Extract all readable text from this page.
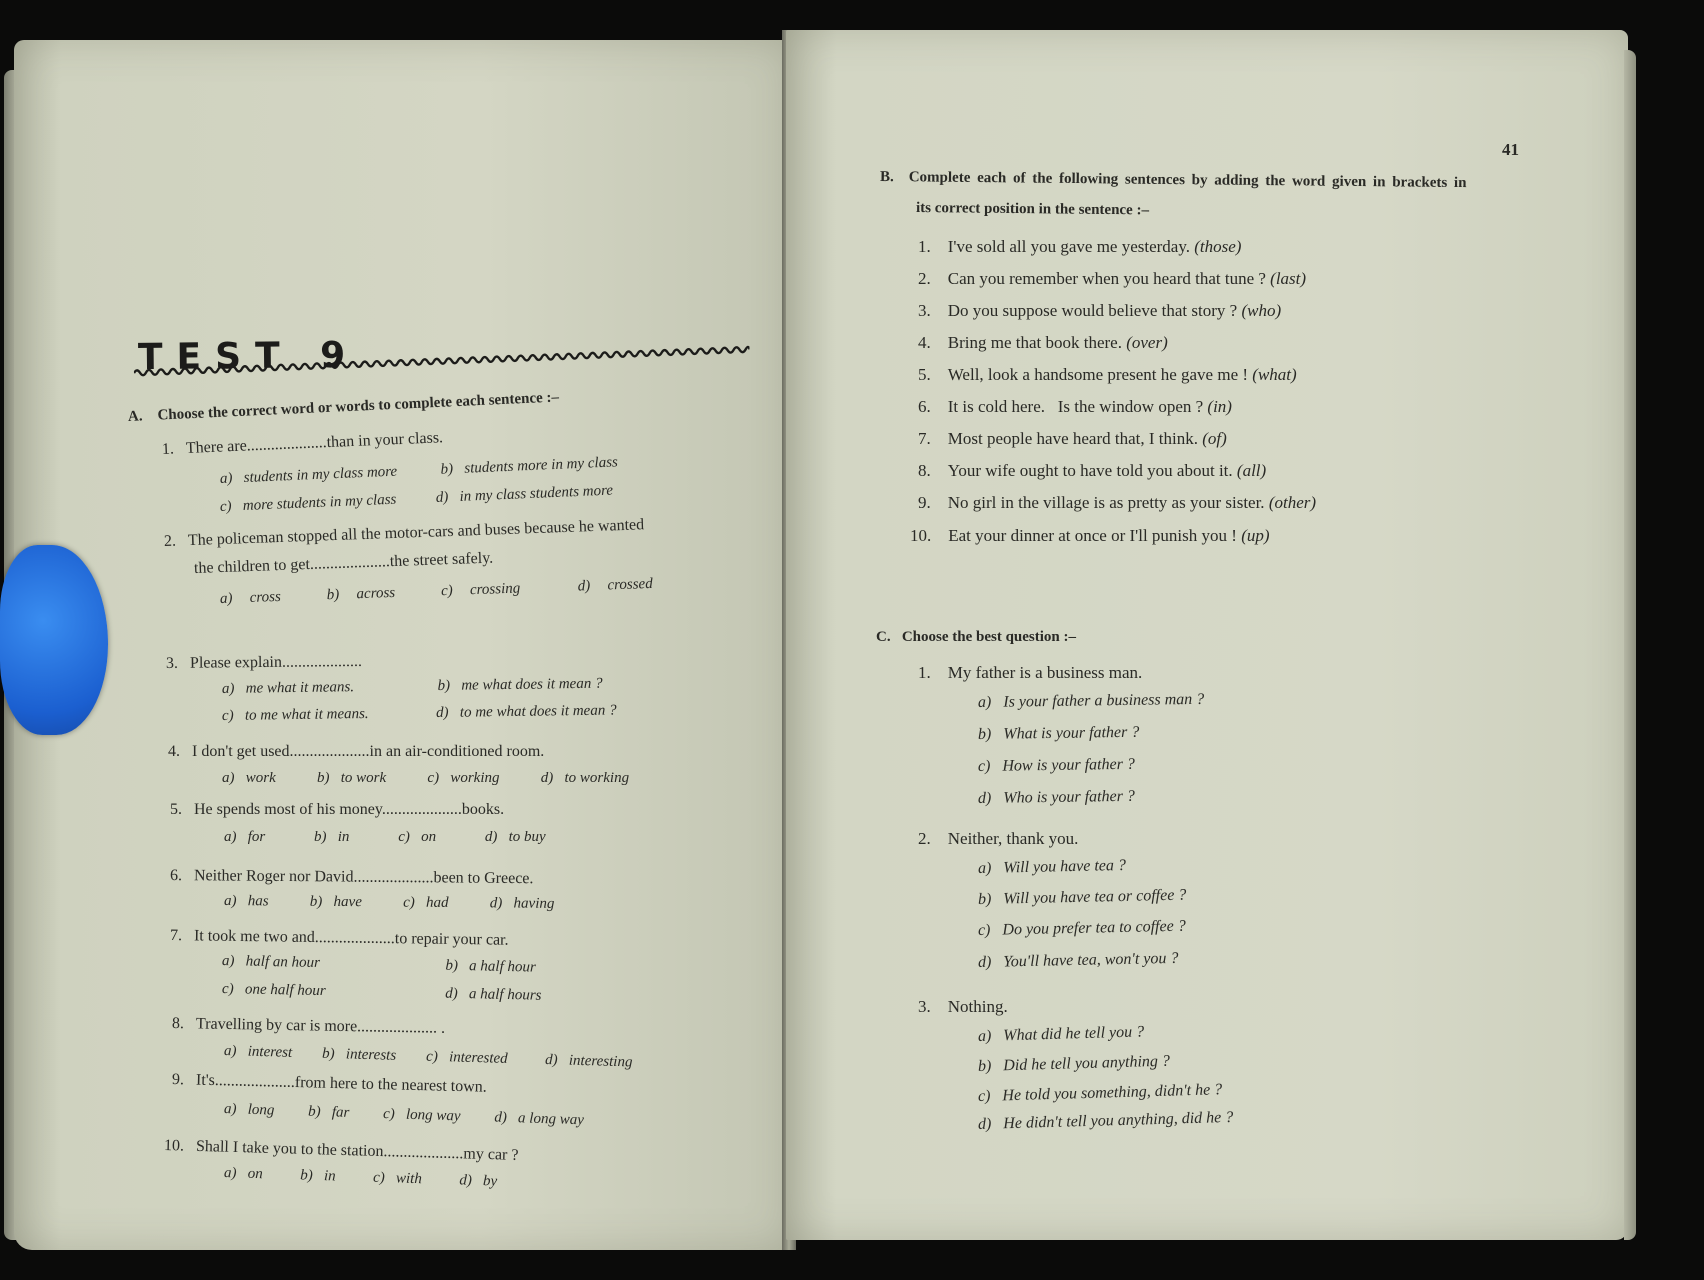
TEST 9
A. Choose the correct word or words to complete each sentence :–
1. There are....................than in your class.
a) students in my class more	b) students more in my class
c) more students in my class	d) in my class students more
2. The policeman stopped all the motor-cars and buses because he wanted
the children to get....................the street safely.
a) cross	b) across	c) crossing	d) crossed
3. Please explain....................
a) me what it means.	b) me what does it mean ?
c) to me what it means.	d) to me what does it mean ?
4. I don't get used....................in an air-conditioned room.
a) work	b) to work	c) working	d) to working
5. He spends most of his money....................books.
a) for	b) in	c) on	d) to buy
6. Neither Roger nor David....................been to Greece.
a) has	b) have	c) had	d) having
7. It took me two and....................to repair your car.
a) half an hour	b) a half hour
c) one half hour	d) a half hours
8. Travelling by car is more.................... .
a) interest b) interests c) interested d) interesting
9. It's....................from here to the nearest town.
a) long b) far c) long way d) a long way
10. Shall I take you to the station....................my car ?
a) on b) in c) with d) by
41
B. Complete each of the following sentences by adding the word given in brackets in
its correct position in the sentence :–
1. I've sold all you gave me yesterday. (those)
2. Can you remember when you heard that tune ? (last)
3. Do you suppose would believe that story ? (who)
4. Bring me that book there. (over)
5. Well, look a handsome present he gave me ! (what)
6. It is cold here.   Is the window open ? (in)
7. Most people have heard that, I think. (of)
8. Your wife ought to have told you about it. (all)
9. No girl in the village is as pretty as your sister. (other)
10. Eat your dinner at once or I'll punish you ! (up)
C. Choose the best question :–
1. My father is a business man.
a) Is your father a business man ?
b) What is your father ?
c) How is your father ?
d) Who is your father ?
2. Neither, thank you.
a) Will you have tea ?
b) Will you have tea or coffee ?
c) Do you prefer tea to coffee ?
d) You'll have tea, won't you ?
3. Nothing.
a) What did he tell you ?
b) Did he tell you anything ?
c) He told you something, didn't he ?
d) He didn't tell you anything, did he ?
